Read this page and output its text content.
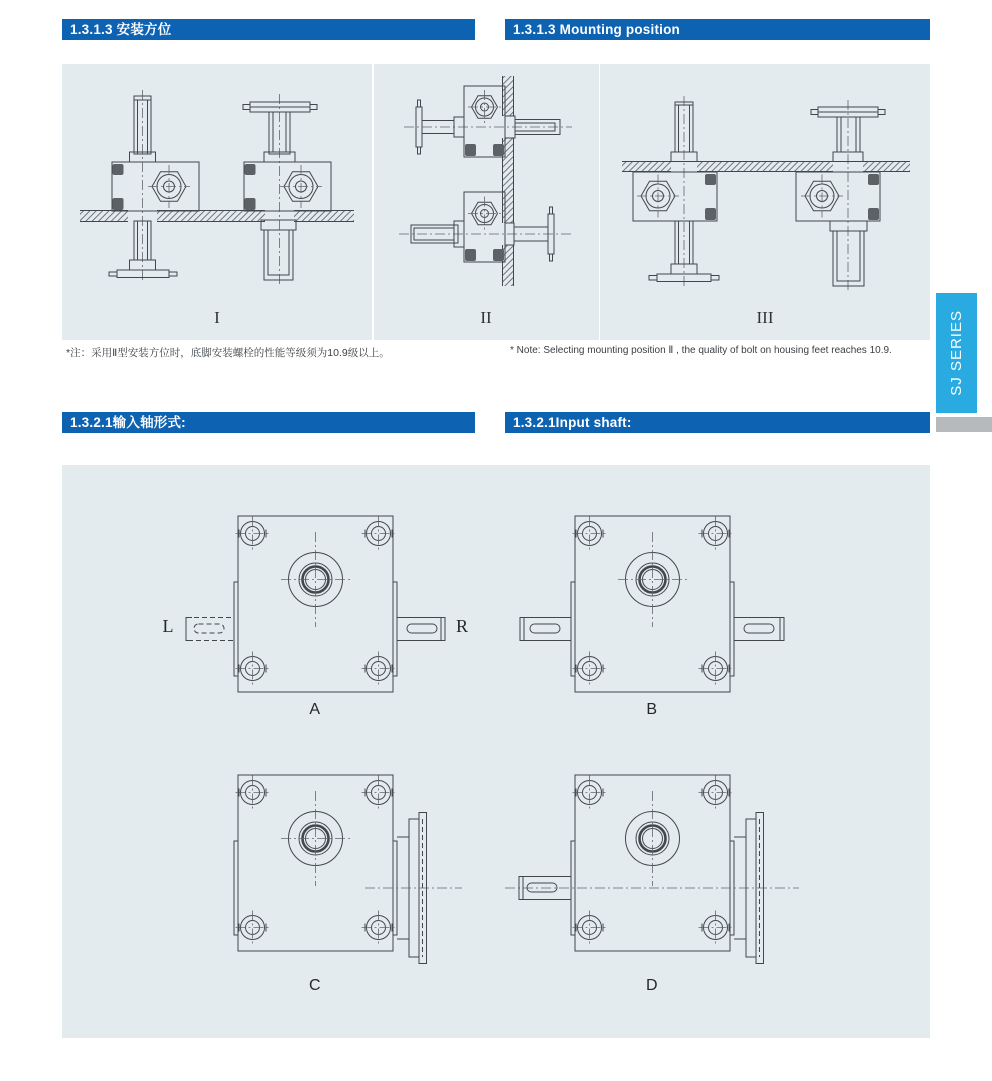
1.3.1.3 安装方位	1.3.1.3 Mounting position
I	II	III
*注：采用Ⅱ型安装方位时，底脚安装螺栓的性能等级须为10.9级以上。	* Note: Selecting mounting position Ⅱ , the quality of bolt on housing feet reaches 10.9.	SJ SERIES
1.3.2.1输入轴形式:	1.3.2.1Input shaft:
L	R
A	B
C	D
